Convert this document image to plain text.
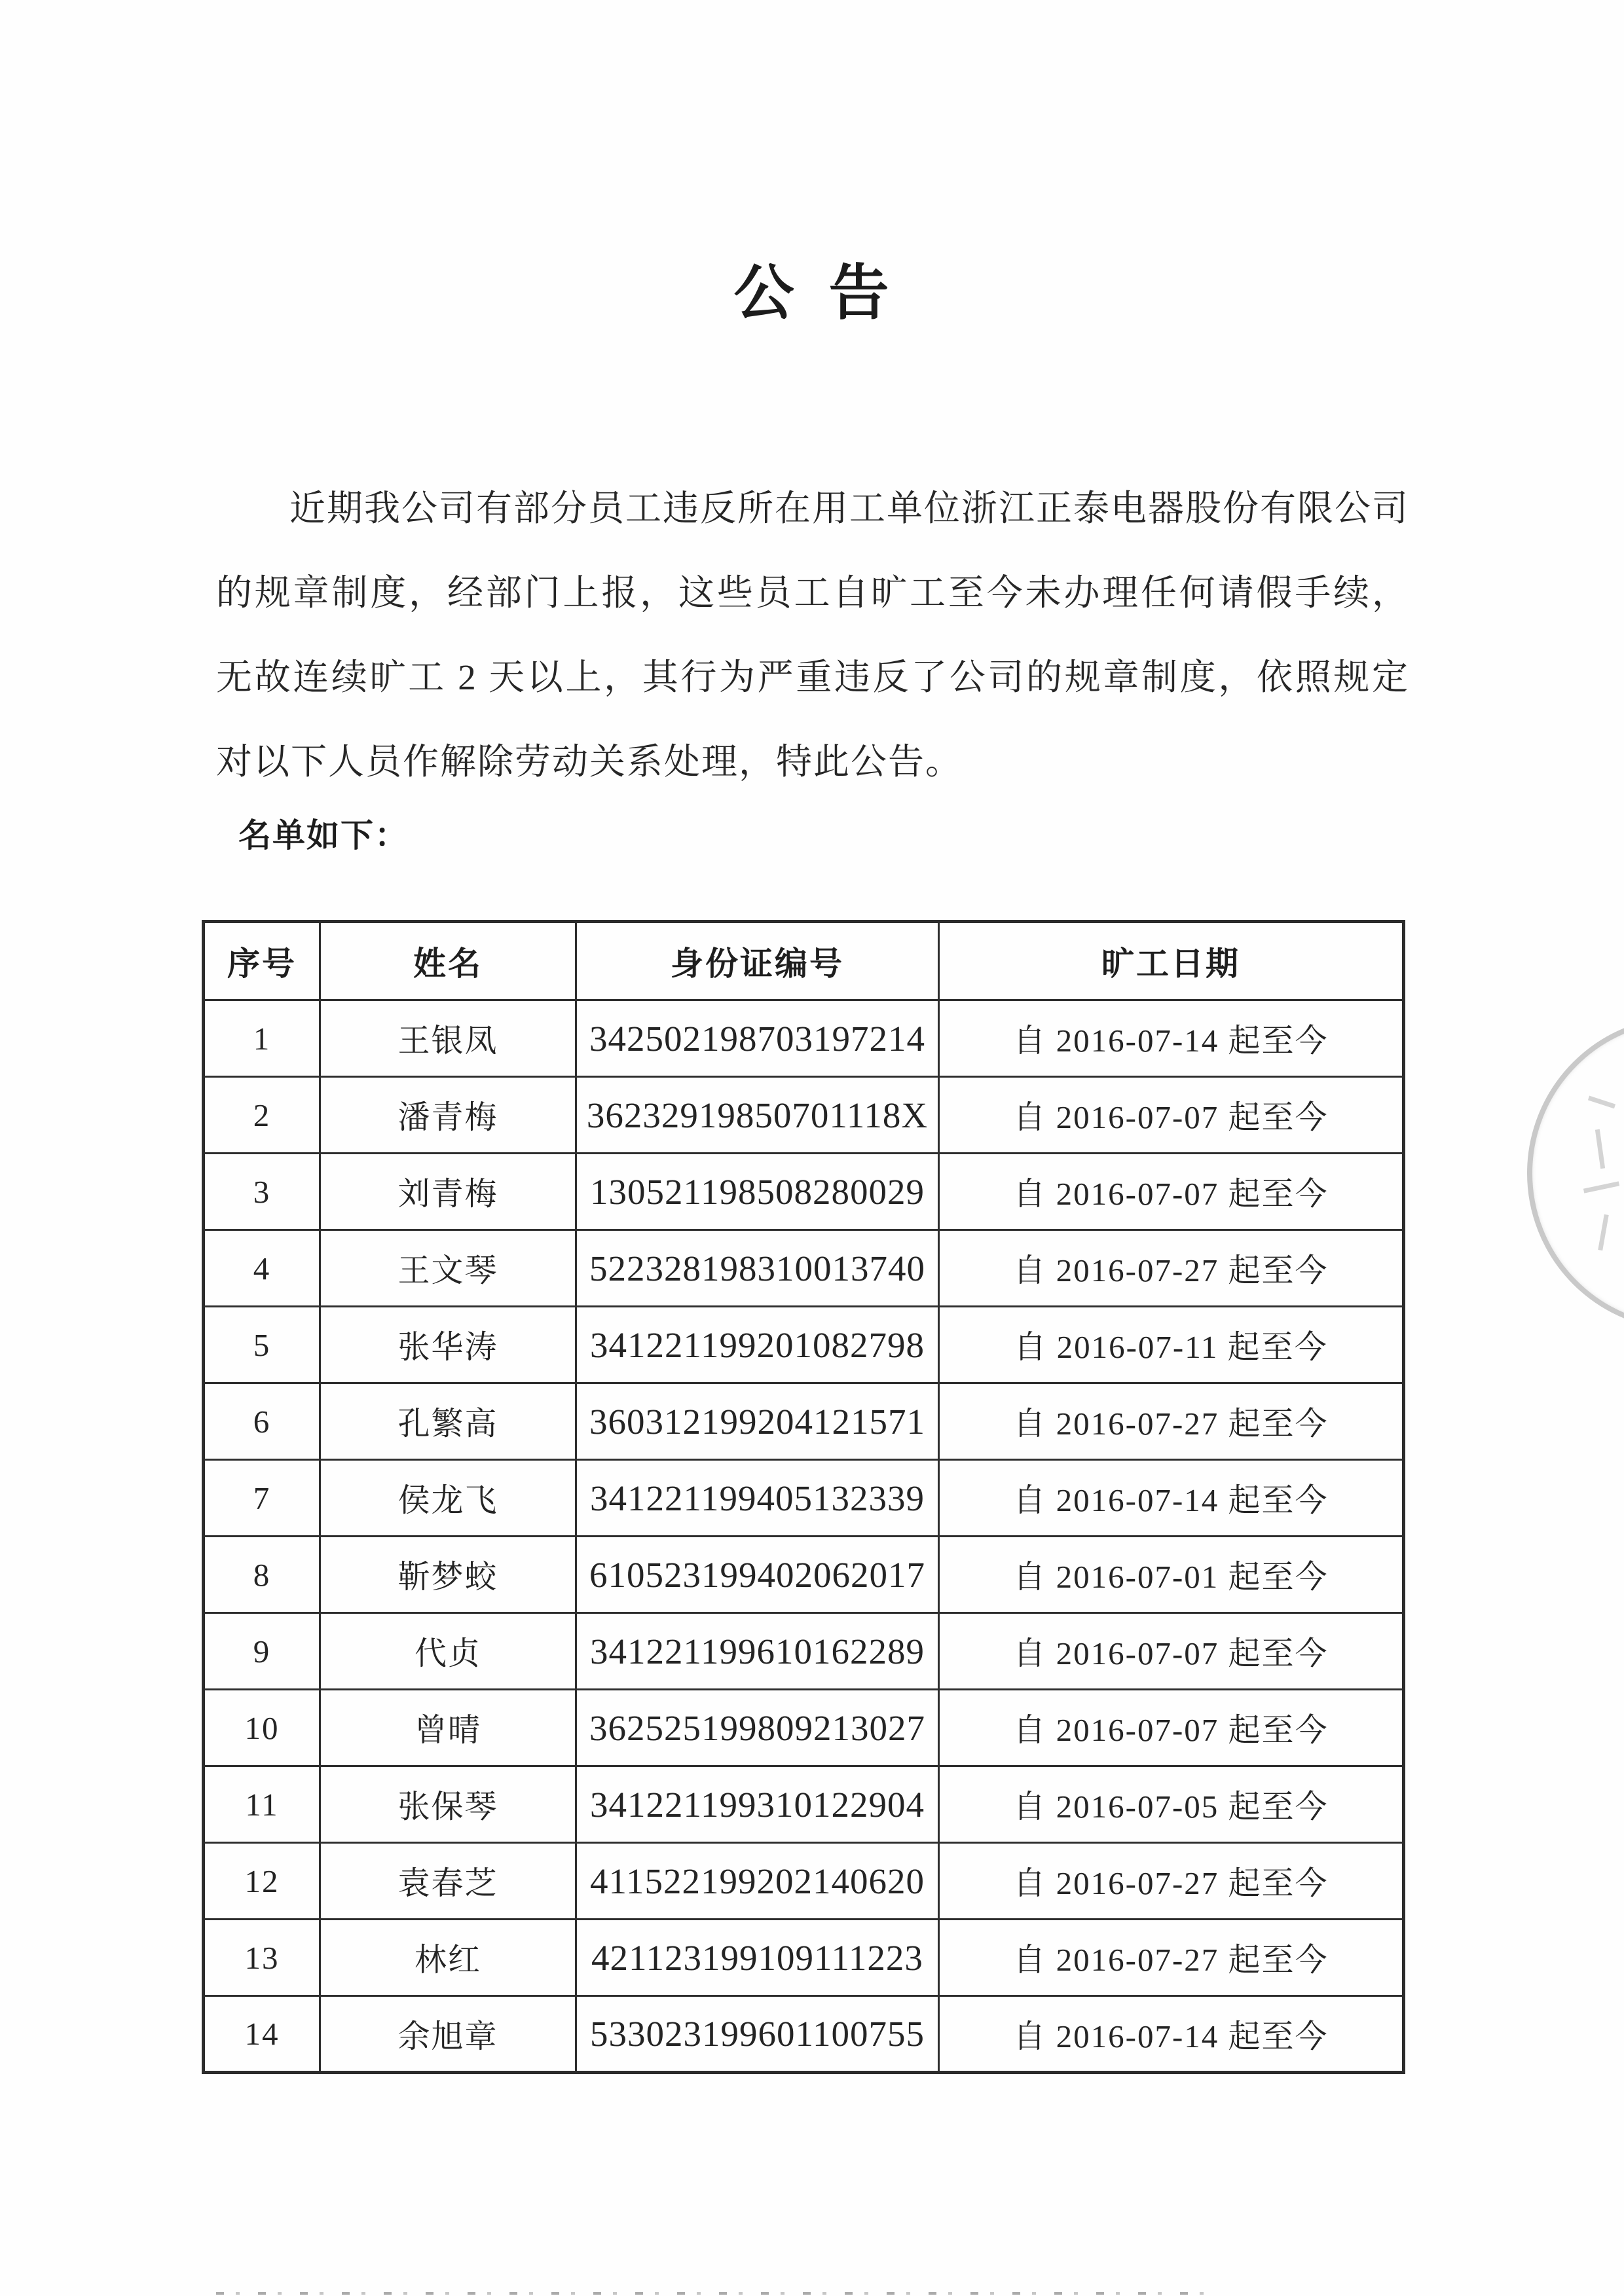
公 告

近期我公司有部分员工违反所在用工单位浙江正泰电器股份有限公司的规章制度，经部门上报，这些员工自旷工至今未办理任何请假手续，无故连续旷工 2 天以上，其行为严重违反了公司的规章制度，依照规定对以下人员作解除劳动关系处理，特此公告。

名单如下：
序号	姓名	身份证编号	旷工日期
1	王银凤	342502198703197214	自 2016-07-14 起至今
2	潘青梅	36232919850701118X	自 2016-07-07 起至今
3	刘青梅	130521198508280029	自 2016-07-07 起至今
4	王文琴	522328198310013740	自 2016-07-27 起至今
5	张华涛	341221199201082798	自 2016-07-11 起至今
6	孔繁高	360312199204121571	自 2016-07-27 起至今
7	侯龙飞	341221199405132339	自 2016-07-14 起至今
8	靳梦蛟	610523199402062017	自 2016-07-01 起至今
9	代贞	341221199610162289	自 2016-07-07 起至今
10	曾晴	362525199809213027	自 2016-07-07 起至今
11	张保琴	341221199310122904	自 2016-07-05 起至今
12	袁春芝	411522199202140620	自 2016-07-27 起至今
13	林红	421123199109111223	自 2016-07-27 起至今
14	余旭章	533023199601100755	自 2016-07-14 起至今
